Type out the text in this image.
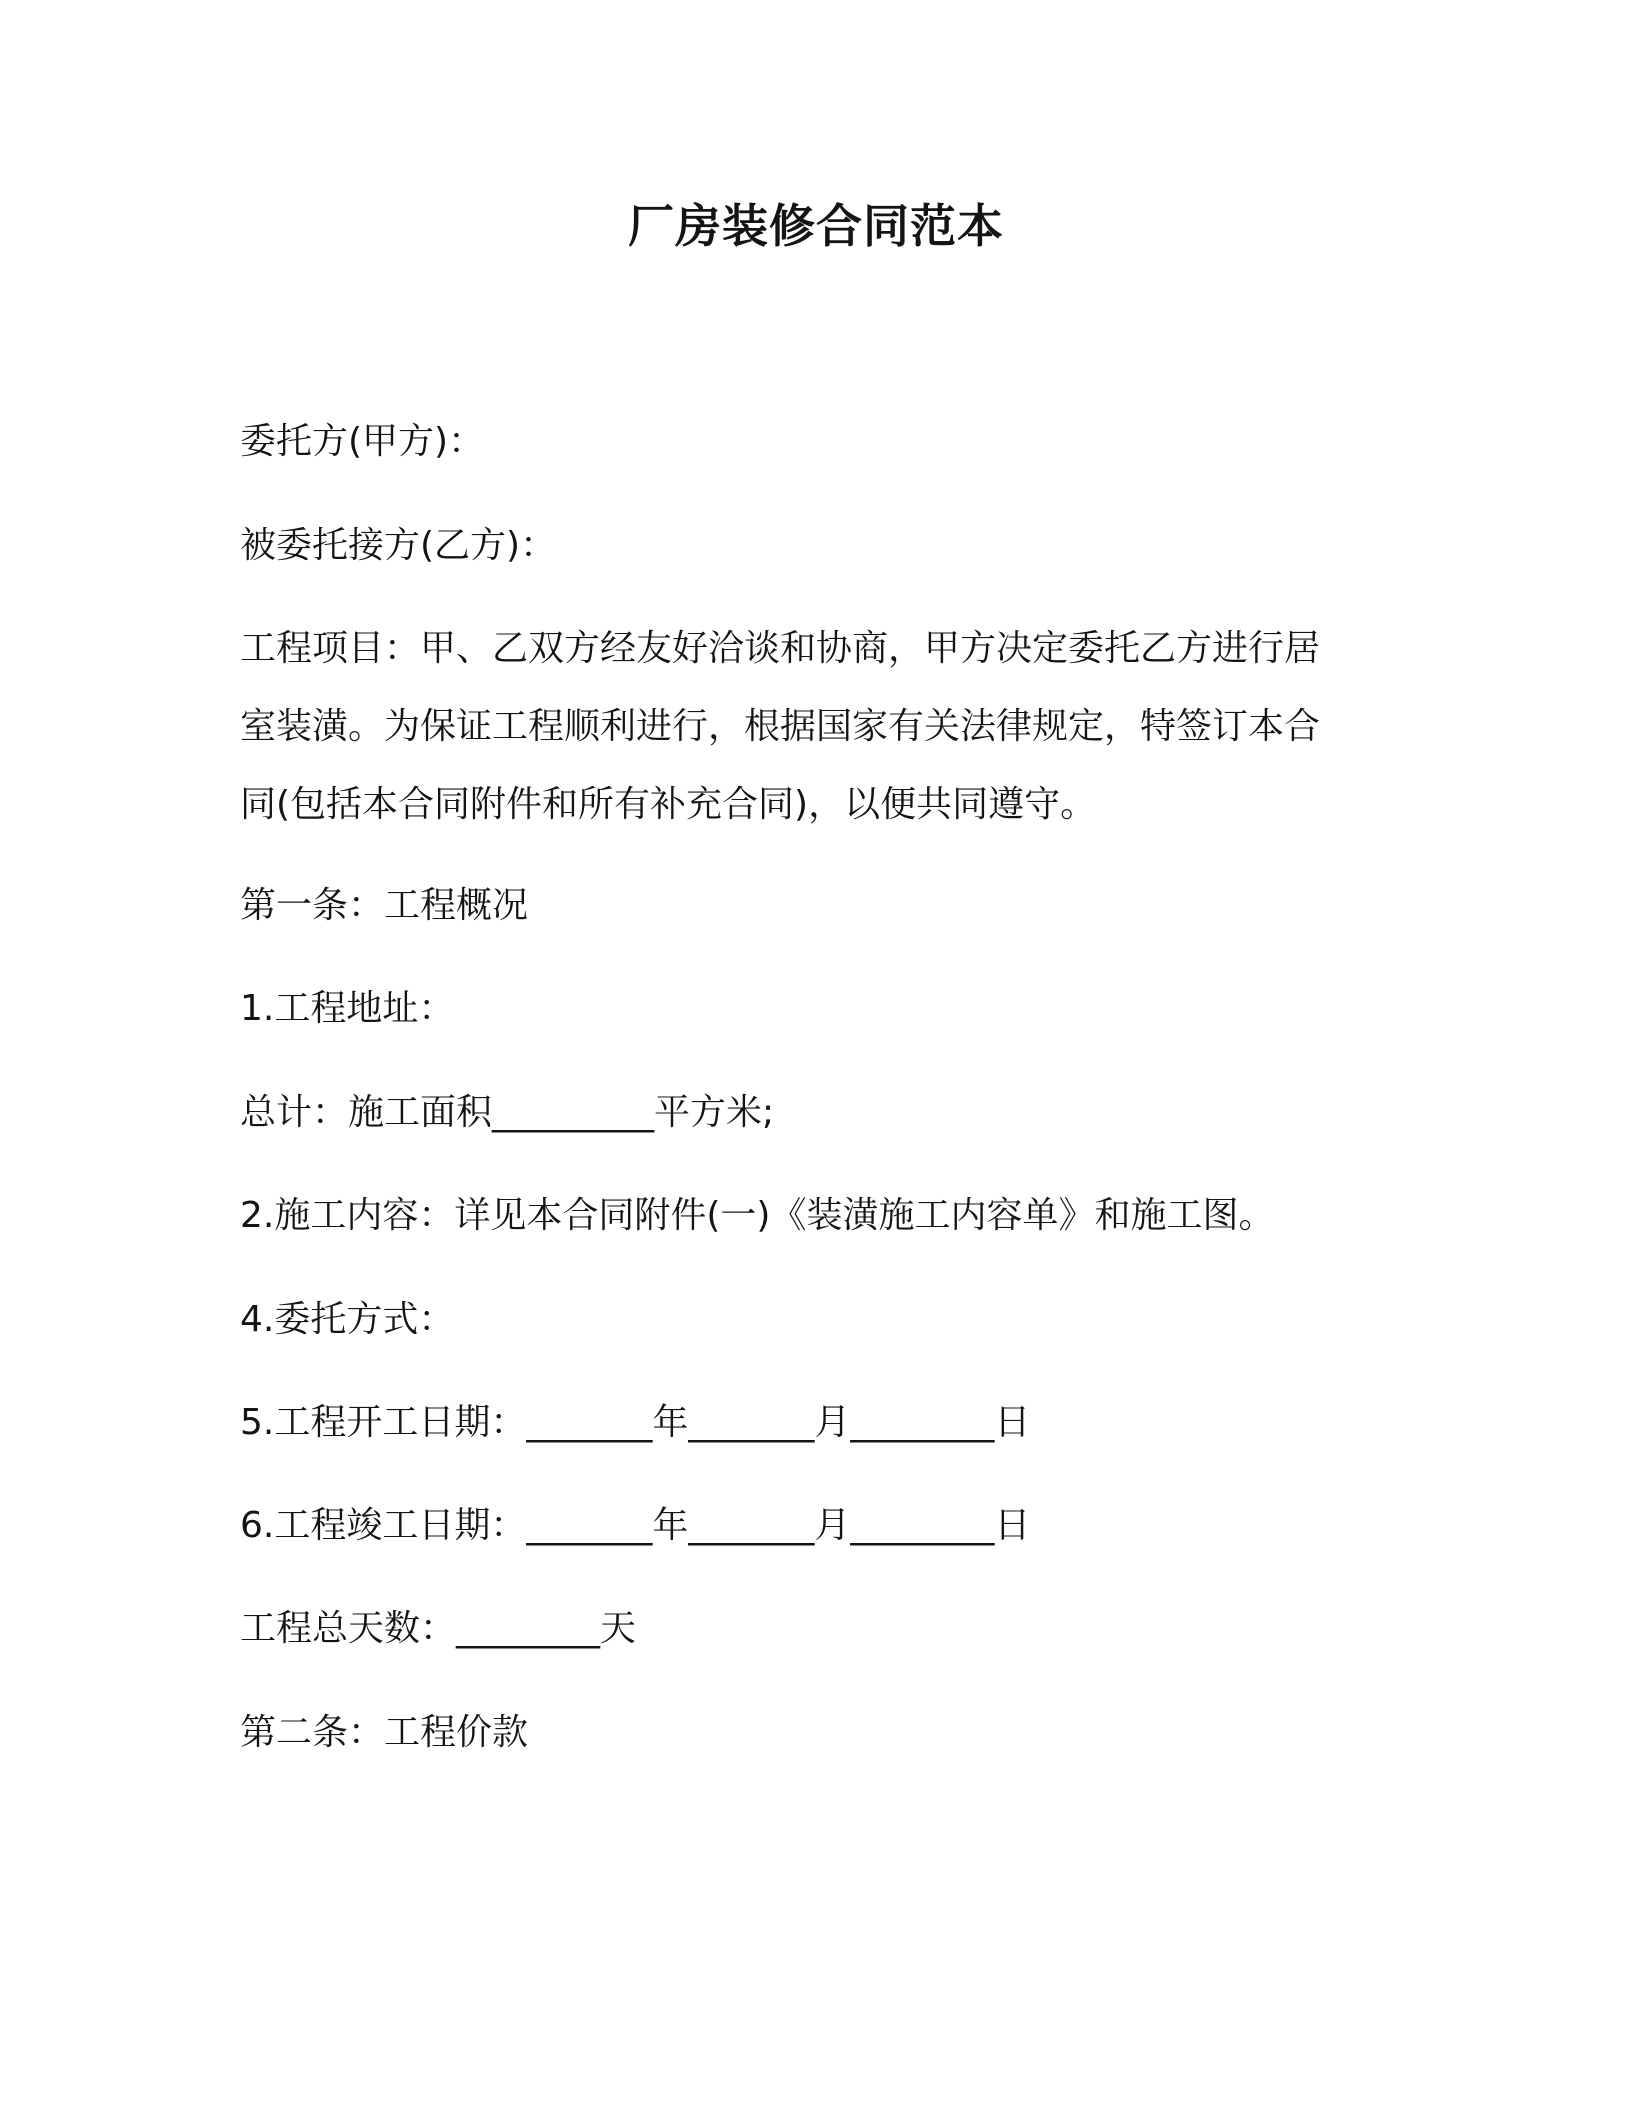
厂房装修合同范本

委托方(甲方)：

被委托接方(乙方)：

工程项目：甲、乙双方经友好洽谈和协商，甲方决定委托乙方进行居

室装潢。为保证工程顺利进行，根据国家有关法律规定，特签订本合

同(包括本合同附件和所有补充合同)，以便共同遵守。

第一条：工程概况

1.工程地址：

总计：施工面积_________平方米;

2.施工内容：详见本合同附件(一)《装潢施工内容单》和施工图。

4.委托方式：

5.工程开工日期：_______年_______月________日

6.工程竣工日期：_______年_______月________日

工程总天数：________天

第二条：工程价款
